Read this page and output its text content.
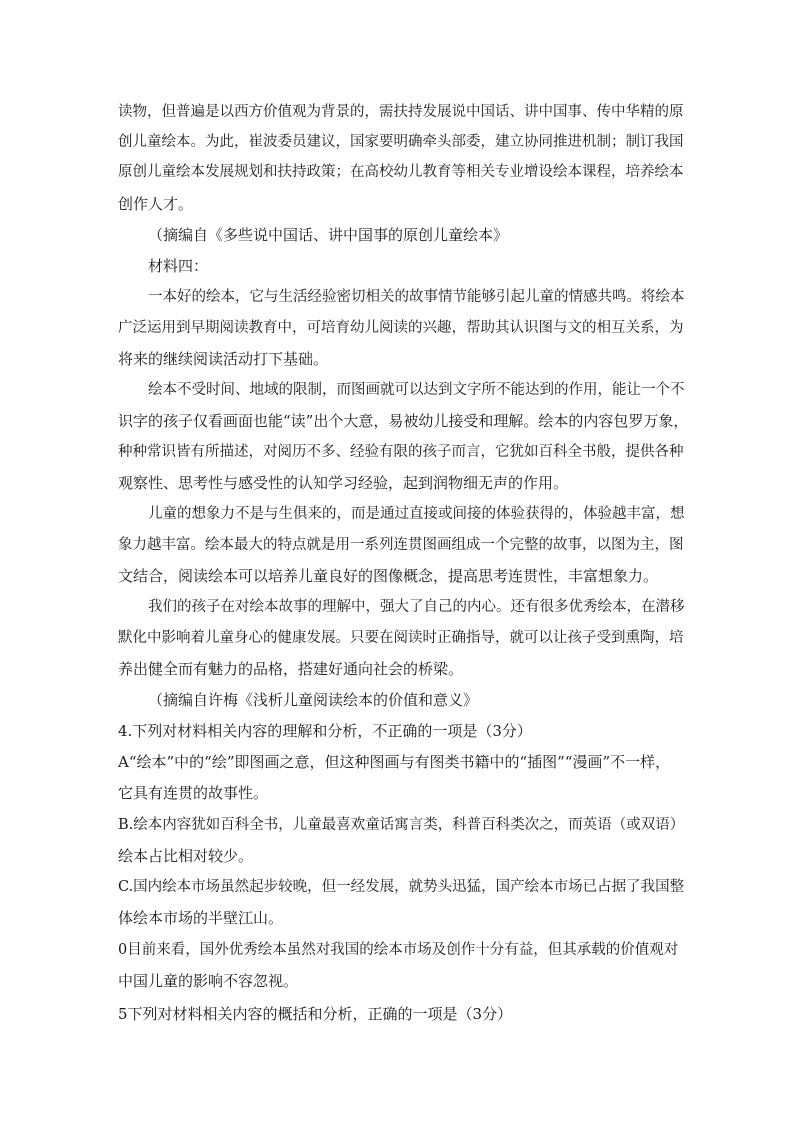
读物，但普遍是以西方价值观为背景的，需扶持发展说中国话、讲中国事、传中华精的原

创儿童绘本。为此，崔波委员建议，国家要明确牵头部委，建立协同推进机制；制订我国

原创儿童绘本发展规划和扶持政策；在高校幼儿教育等相关专业增设绘本课程，培养绘本

创作人才。

（摘编自《多些说中国话、讲中国事的原创儿童绘本》

材料四：

一本好的绘本，它与生活经验密切相关的故事情节能够引起儿童的情感共鸣。将绘本

广泛运用到早期阅读教育中，可培育幼儿阅读的兴趣，帮助其认识图与文的相互关系，为

将来的继续阅读活动打下基础。

绘本不受时间、地域的限制，而图画就可以达到文字所不能达到的作用，能让一个不

识字的孩子仅看画面也能“读”出个大意，易被幼儿接受和理解。绘本的内容包罗万象，

种种常识皆有所描述，对阅历不多、经验有限的孩子而言，它犹如百科全书般，提供各种

观察性、思考性与感受性的认知学习经验，起到润物细无声的作用。

儿童的想象力不是与生俱来的，而是通过直接或间接的体验获得的，体验越丰富，想

象力越丰富。绘本最大的特点就是用一系列连贯图画组成一个完整的故事，以图为主，图

文结合，阅读绘本可以培养儿童良好的图像概念，提高思考连贯性，丰富想象力。

我们的孩子在对绘本故事的理解中，强大了自己的内心。还有很多优秀绘本，在潜移

默化中影响着儿童身心的健康发展。只要在阅读时正确指导，就可以让孩子受到熏陶，培

养出健全而有魅力的品格，搭建好通向社会的桥梁。

（摘编自许梅《浅析儿童阅读绘本的价值和意义》

4.下列对材料相关内容的理解和分析，不正确的一项是（3分）

A“绘本”中的“绘”即图画之意，但这种图画与有图类书籍中的“插图”“漫画”不一样，

它具有连贯的故事性。

B.绘本内容犹如百科全书，儿童最喜欢童话寓言类，科普百科类次之，而英语（或双语）

绘本占比相对较少。

C.国内绘本市场虽然起步较晚，但一经发展，就势头迅猛，国产绘本市场已占据了我国整

体绘本市场的半壁江山。

0目前来看，国外优秀绘本虽然对我国的绘本市场及创作十分有益，但其承载的价值观对

中国儿童的影响不容忽视。

5下列对材料相关内容的概括和分析，正确的一项是（3分）
